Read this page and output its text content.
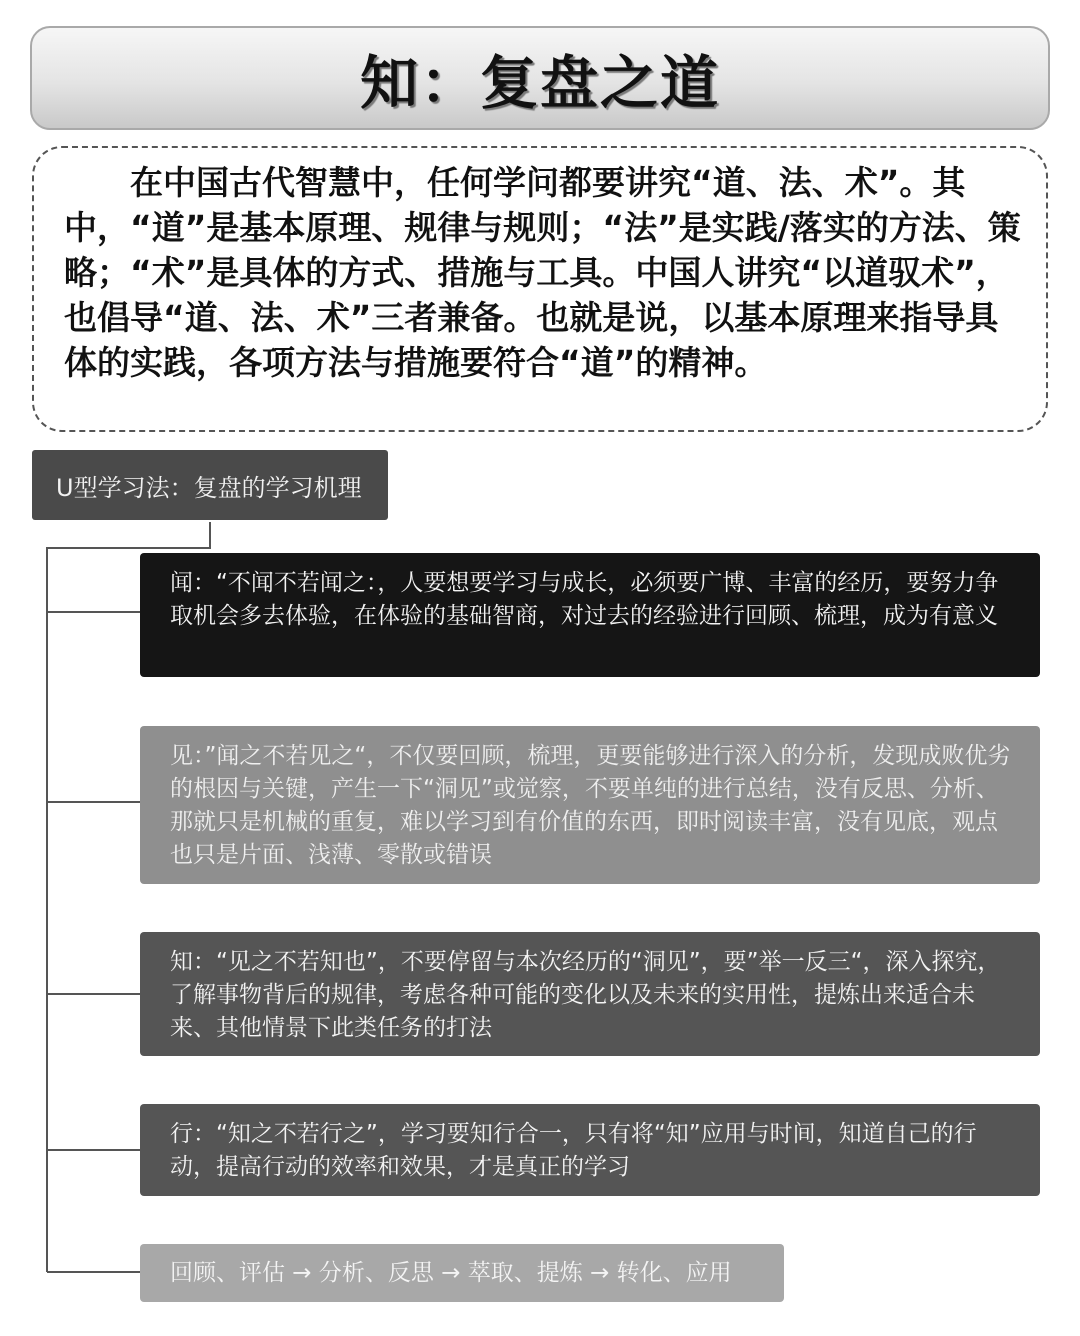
知：复盘之道

在中国古代智慧中，任何学问都要讲究“道、法、术”。其中，“道”是基本原理、规律与规则；“法”是实践/落实的方法、策略；“术”是具体的方式、措施与工具。中国人讲究“以道驭术”，也倡导“道、法、术”三者兼备。也就是说，以基本原理来指导具体的实践，各项方法与措施要符合“道”的精神。

U型学习法：复盘的学习机理
闻：“不闻不若闻之：，人要想要学习与成长，必须要广博、丰富的经历，要努力争取机会多去体验，在体验的基础智商，对过去的经验进行回顾、梳理，成为有意义
见：”闻之不若见之“，不仅要回顾，梳理，更要能够进行深入的分析，发现成败优劣的根因与关键，产生一下“洞见”或觉察，不要单纯的进行总结，没有反思、分析、那就只是机械的重复，难以学习到有价值的东西，即时阅读丰富，没有见底，观点也只是片面、浅薄、零散或错误
知：“见之不若知也”，不要停留与本次经历的“洞见”，要”举一反三“，深入探究，了解事物背后的规律，考虑各种可能的变化以及未来的实用性，提炼出来适合未来、其他情景下此类任务的打法
行：“知之不若行之”，学习要知行合一，只有将“知”应用与时间，知道自己的行动，提高行动的效率和效果，才是真正的学习
回顾、评估 → 分析、反思 → 萃取、提炼 → 转化、应用
